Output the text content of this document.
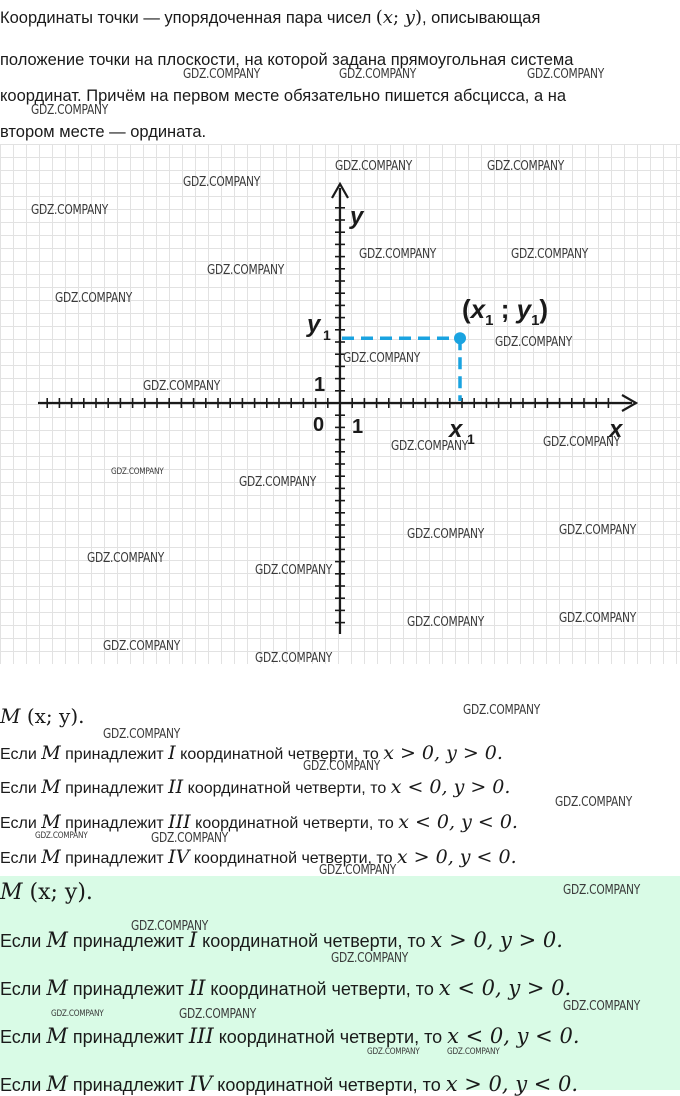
Координаты точки — упорядоченная пара чисел (x; y), описывающая
положение точки на плоскости, на которой задана прямоугольная система
координат. Причём на первом месте обязательно пишется абсцисса, а на
втором месте — ордината.
y
x
0 1
1
x 1
y 1
($x_1$ ; $y_1$)
M (x; y).
Если M принадлежит I координатной четверти, то x > 0, y > 0.
Если M принадлежит II координатной четверти, то x < 0, y > 0.
Если M принадлежит III координатной четверти, то x < 0, y < 0.
Если M принадлежит IV координатной четверти, то x > 0, y < 0.
M (x; y).
Если M принадлежит I координатной четверти, то x > 0, y > 0.
Если M принадлежит II координатной четверти, то x < 0, y > 0.
Если M принадлежит III координатной четверти, то x < 0, y < 0.
Если M принадлежит IV координатной четверти, то x > 0, y < 0.
GDZ.COMPANY	GDZ.COMPANY	GDZ.COMPANY
GDZ.COMPANY
GDZ.COMPANY	GDZ.COMPANY
GDZ.COMPANY
GDZ.COMPANY
GDZ.COMPANY	GDZ.COMPANY
GDZ.COMPANY
GDZ.COMPANY
GDZ.COMPANY
GDZ.COMPANY
GDZ.COMPANY
GDZ.COMPANY	GDZ.COMPANY
GDZ.COMPANY
GDZ.COMPANY	GDZ.COMPANY
GDZ.COMPANY
GDZ.COMPANY
GDZ.COMPANY	GDZ.COMPANY
GDZ.COMPANY
GDZ.COMPANY
GDZ.COMPANY
GDZ.COMPANY
GDZ.COMPANY
GDZ.COMPANY
GDZ.COMPANY
GDZ.COMPANY
GDZ.COMPANY
GDZ.COMPANY
GDZ.COMPANY
GDZ.COMPANY
GDZ.COMPANY
GDZ.COMPANY
GDZ.COMPANY
GDZ.COMPANY
GDZ.COMPANY	GDZ.COMPANY
